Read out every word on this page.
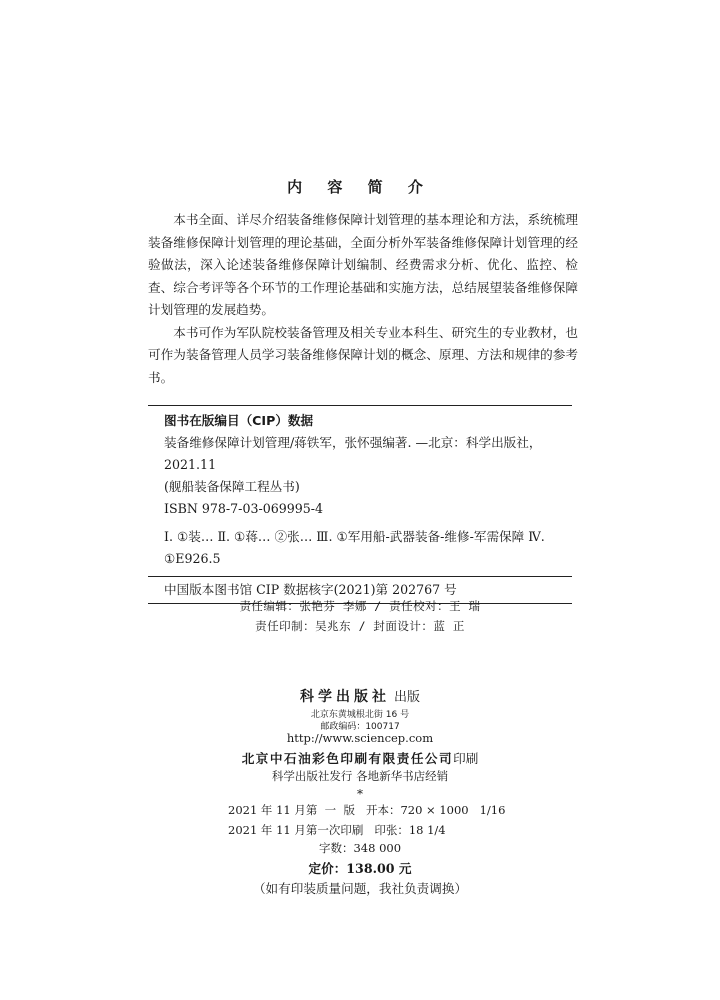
内 容 简 介

本书全面、详尽介绍装备维修保障计划管理的基本理论和方法，系统梳理装备维修保障计划管理的理论基础，全面分析外军装备维修保障计划管理的经验做法，深入论述装备维修保障计划编制、经费需求分析、优化、监控、检查、综合考评等各个环节的工作理论基础和实施方法，总结展望装备维修保障计划管理的发展趋势。

本书可作为军队院校装备管理及相关专业本科生、研究生的专业教材，也可作为装备管理人员学习装备维修保障计划的概念、原理、方法和规律的参考书。

图书在版编目（CIP）数据
装备维修保障计划管理/蒋铁军，张怀强编著. —北京：科学出版社，
2021.11
(舰船装备保障工程丛书)
ISBN 978-7-03-069995-4
Ⅰ. ①装… Ⅱ. ①蒋… ②张… Ⅲ. ①军用船-武器装备-维修-军需保障 Ⅳ. ①E926.5
中国版本图书馆 CIP 数据核字(2021)第 202767 号
责任编辑：张艳芬 李娜 / 责任校对：王 瑞
责任印制：吴兆东 / 封面设计：蓝 正
科学出版社 出版
北京东黄城根北街 16 号
邮政编码：100717
http://www.sciencep.com
北京中石油彩色印刷有限责任公司印刷
科学出版社发行 各地新华书店经销
*
2021 年 11 月第  一  版   开本：720 × 1000   1/16
2021 年 11 月第一次印刷   印张：18 1/4
字数：348 000
定价：138.00 元
（如有印装质量问题，我社负责调换）
